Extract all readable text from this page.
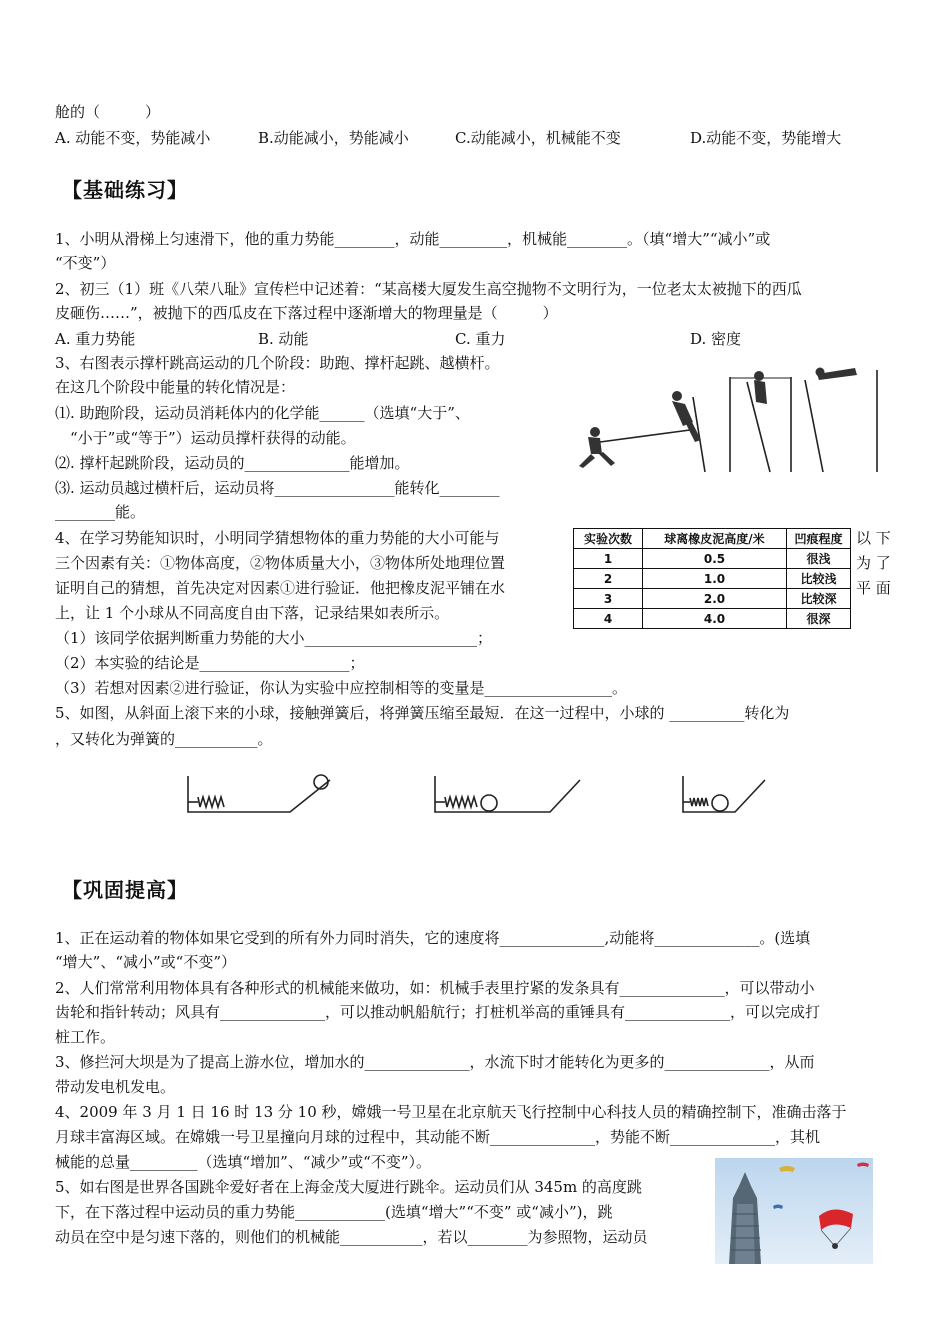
舱的（　　　）
A. 动能不变，势能减小	B.动能减小，势能减小	C.动能减小，机械能不变	D.动能不变，势能增大
【基础练习】
1、小明从滑梯上匀速滑下，他的重力势能________，动能_________，机械能________。（填“增大”“减小”或
“不变”）
2、初三（1）班《八荣八耻》宣传栏中记述着：“某高楼大厦发生高空抛物不文明行为，一位老太太被抛下的西瓜
皮砸伤……”，被抛下的西瓜皮在下落过程中逐渐增大的物理量是（　　　）
A. 重力势能	B. 动能	C. 重力	D. 密度
3、右图表示撑杆跳高运动的几个阶段：助跑、撑杆起跳、越横杆。
在这几个阶段中能量的转化情况是：
⑴. 助跑阶段，运动员消耗体内的化学能______（选填“大于”、
　“小于”或“等于”）运动员撑杆获得的动能。
⑵. 撑杆起跳阶段，运动员的______________能增加。
⑶. 运动员越过横杆后，运动员将________________能转化________
________能。
4、在学习势能知识时，小明同学猜想物体的重力势能的大小可能与
三个因素有关：①物体高度，②物体质量大小，③物体所处地理位置
证明自己的猜想，首先决定对因素①进行验证．他把橡皮泥平铺在水
上，让 1 个小球从不同高度自由下落，记录结果如表所示。
以 下
为 了
平 面
实验次数	球离橡皮泥高度/米	凹痕程度
1	0.5	很浅
2	1.0	比较浅
3	2.0	比较深
4	4.0	很深
（1）该同学依据判断重力势能的大小_______________________；
（2）本实验的结论是____________________；
（3）若想对因素②进行验证，你认为实验中应控制相等的变量是_________________。
5、如图，从斜面上滚下来的小球，接触弹簧后，将弹簧压缩至最短．在这一过程中，小球的 __________转化为
，又转化为弹簧的___________。
【巩固提高】
1、正在运动着的物体如果它受到的所有外力同时消失，它的速度将______________,动能将______________。(选填
“增大”、“减小”或“不变”）
2、人们常常利用物体具有各种形式的机械能来做功，如：机械手表里拧紧的发条具有______________，可以带动小
齿轮和指针转动；风具有______________，可以推动帆船航行；打桩机举高的重锤具有______________，可以完成打
桩工作。
3、修拦河大坝是为了提高上游水位，增加水的______________，水流下时才能转化为更多的______________，从而
带动发电机发电。
4、2009 年 3 月 1 日 16 时 13 分 10 秒，嫦娥一号卫星在北京航天飞行控制中心科技人员的精确控制下，准确击落于
月球丰富海区域。在嫦娥一号卫星撞向月球的过程中，其动能不断______________，势能不断______________，其机
械能的总量_________（选填“增加”、“减少”或“不变”）。
5、如右图是世界各国跳伞爱好者在上海金茂大厦进行跳伞。运动员们从 345m 的高度跳
下，在下落过程中运动员的重力势能____________(选填“增大”“不变” 或“减小”)，跳
动员在空中是匀速下落的，则他们的机械能___________，若以________为参照物，运动员
